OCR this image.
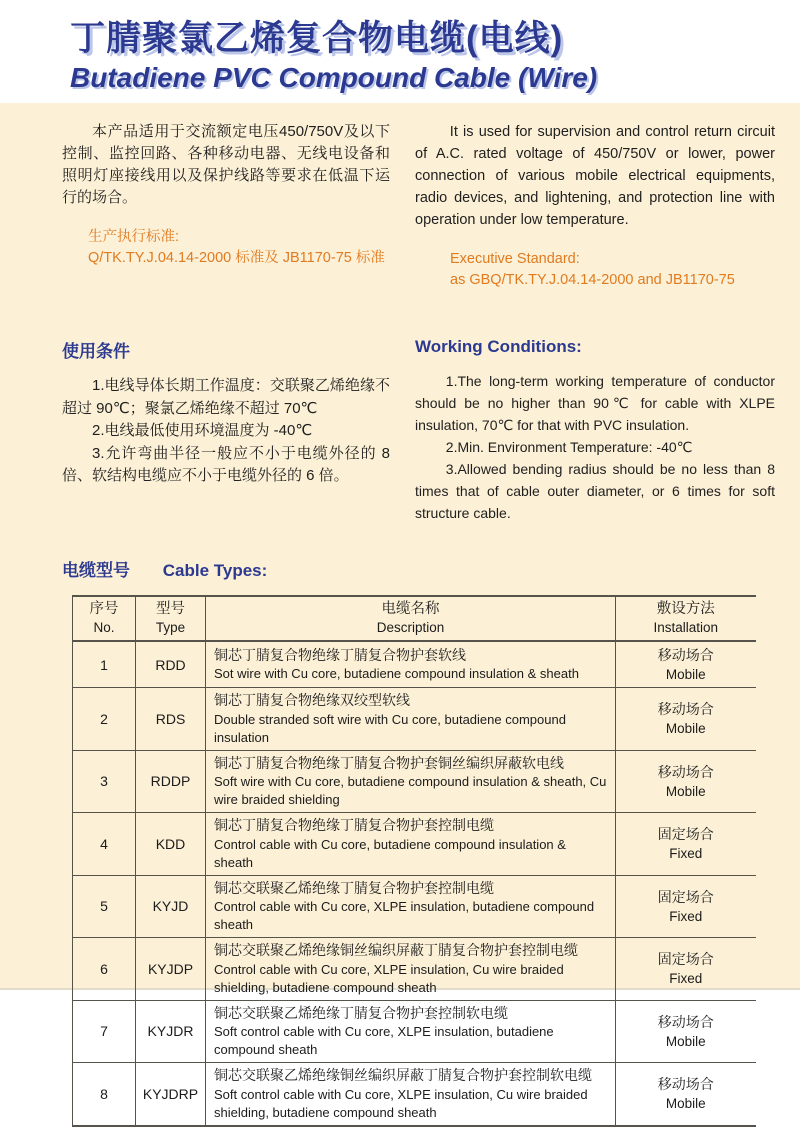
丁腈聚氯乙烯复合物电缆(电线)
Butadiene PVC Compound Cable (Wire)

本产品适用于交流额定电压450/750V及以下控制、监控回路、各种移动电器、无线电设备和照明灯座接线用以及保护线路等要求在低温下运行的场合。

生产执行标准:
Q/TK.TY.J.04.14-2000 标准及 JB1170-75 标准

It is used for supervision and control return circuit of A.C. rated voltage of 450/750V or lower, power connection of various mobile electrical equipments, radio devices, and lightening, and protection line with operation under low temperature.

Executive Standard:
as GBQ/TK.TY.J.04.14-2000 and JB1170-75
使用条件

1.电线导体长期工作温度：交联聚乙烯绝缘不超过 90℃；聚氯乙烯绝缘不超过 70℃

2.电线最低使用环境温度为 -40℃

3.允许弯曲半径一般应不小于电缆外径的 8 倍、软结构电缆应不小于电缆外径的 6 倍。

Working Conditions:

1.The long-term working temperature of conductor should be no higher than 90℃ for cable with XLPE insulation, 70℃ for that with PVC insulation.

2.Min. Environment Temperature: -40℃

3.Allowed bending radius should be no less than 8 times that of cable outer diameter, or 6 times for soft structure cable.

电缆型号 Cable Types:
序号
No.

型号
Type

电缆名称
Description

敷设方法
Installation

1	RDD	
铜芯丁腈复合物绝缘丁腈复合物护套软线
Sot wire with Cu core, butadiene compound insulation & sheath

移动场合
Mobile

2	RDS	
铜芯丁腈复合物绝缘双绞型软线
Double stranded soft wire with Cu core, butadiene compound insulation

移动场合
Mobile

3	RDDP	
铜芯丁腈复合物绝缘丁腈复合物护套铜丝编织屏蔽软电线
Soft wire with Cu core, butadiene compound insulation & sheath, Cu wire braided shielding

移动场合
Mobile

4	KDD	
铜芯丁腈复合物绝缘丁腈复合物护套控制电缆
Control cable with Cu core, butadiene compound insulation & sheath

固定场合
Fixed

5	KYJD	
铜芯交联聚乙烯绝缘丁腈复合物护套控制电缆
Control cable with Cu core, XLPE insulation, butadiene compound sheath

固定场合
Fixed

6	KYJDP	
铜芯交联聚乙烯绝缘铜丝编织屏蔽丁腈复合物护套控制电缆
Control cable with Cu core, XLPE insulation, Cu wire braided shielding, butadiene compound sheath

固定场合
Fixed

7	KYJDR	
铜芯交联聚乙烯绝缘丁腈复合物护套控制软电缆
Soft control cable with Cu core, XLPE insulation, butadiene compound sheath

移动场合
Mobile

8	KYJDRP	
铜芯交联聚乙烯绝缘铜丝编织屏蔽丁腈复合物护套控制软电缆
Soft control cable with Cu core, XLPE insulation, Cu wire braided shielding, butadiene compound sheath

移动场合
Mobile
